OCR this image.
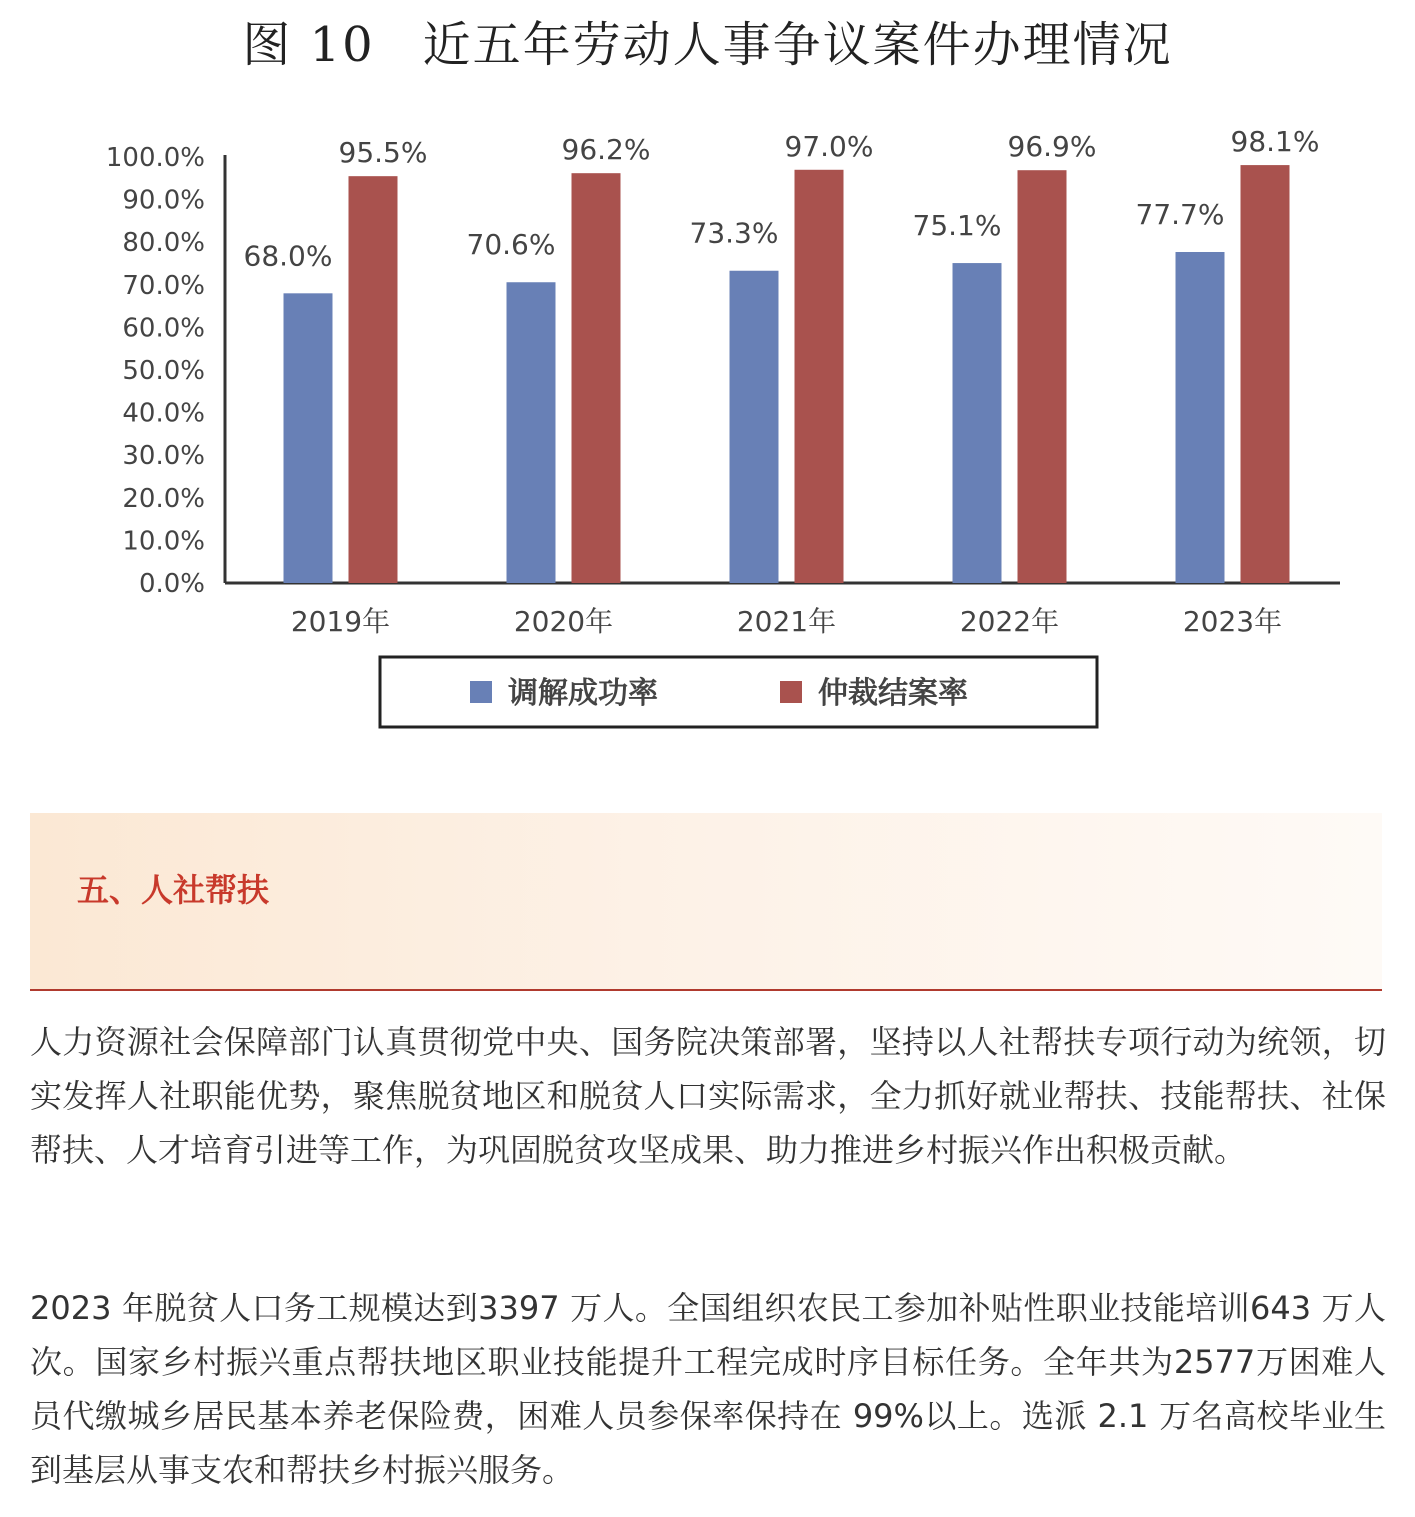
图 10 近五年劳动人事争议案件办理情况
0.0%
10.0%
20.0%
30.0%
40.0%
50.0%
60.0%
70.0%
80.0%
90.0%
100.0%
68.0%
95.5%
70.6%
96.2%
73.3%
97.0%
75.1%
96.9%
77.7%
98.1%
2019年	2020年	2021年	2022年	2023年
调解成功率	仲裁结案率
五、人社帮扶

人力资源社会保障部门认真贯彻党中央、国务院决策部署，坚持以人社帮扶专项行动为统领，切实发挥人社职能优势，聚焦脱贫地区和脱贫人口实际需求，全力抓好就业帮扶、技能帮扶、社保帮扶、人才培育引进等工作，为巩固脱贫攻坚成果、助力推进乡村振兴作出积极贡献。

2023 年脱贫人口务工规模达到3397 万人。全国组织农民工参加补贴性职业技能培训643 万人次。国家乡村振兴重点帮扶地区职业技能提升工程完成时序目标任务。全年共为2577万困难人员代缴城乡居民基本养老保险费，困难人员参保率保持在 99%以上。选派 2.1 万名高校毕业生到基层从事支农和帮扶乡村振兴服务。
